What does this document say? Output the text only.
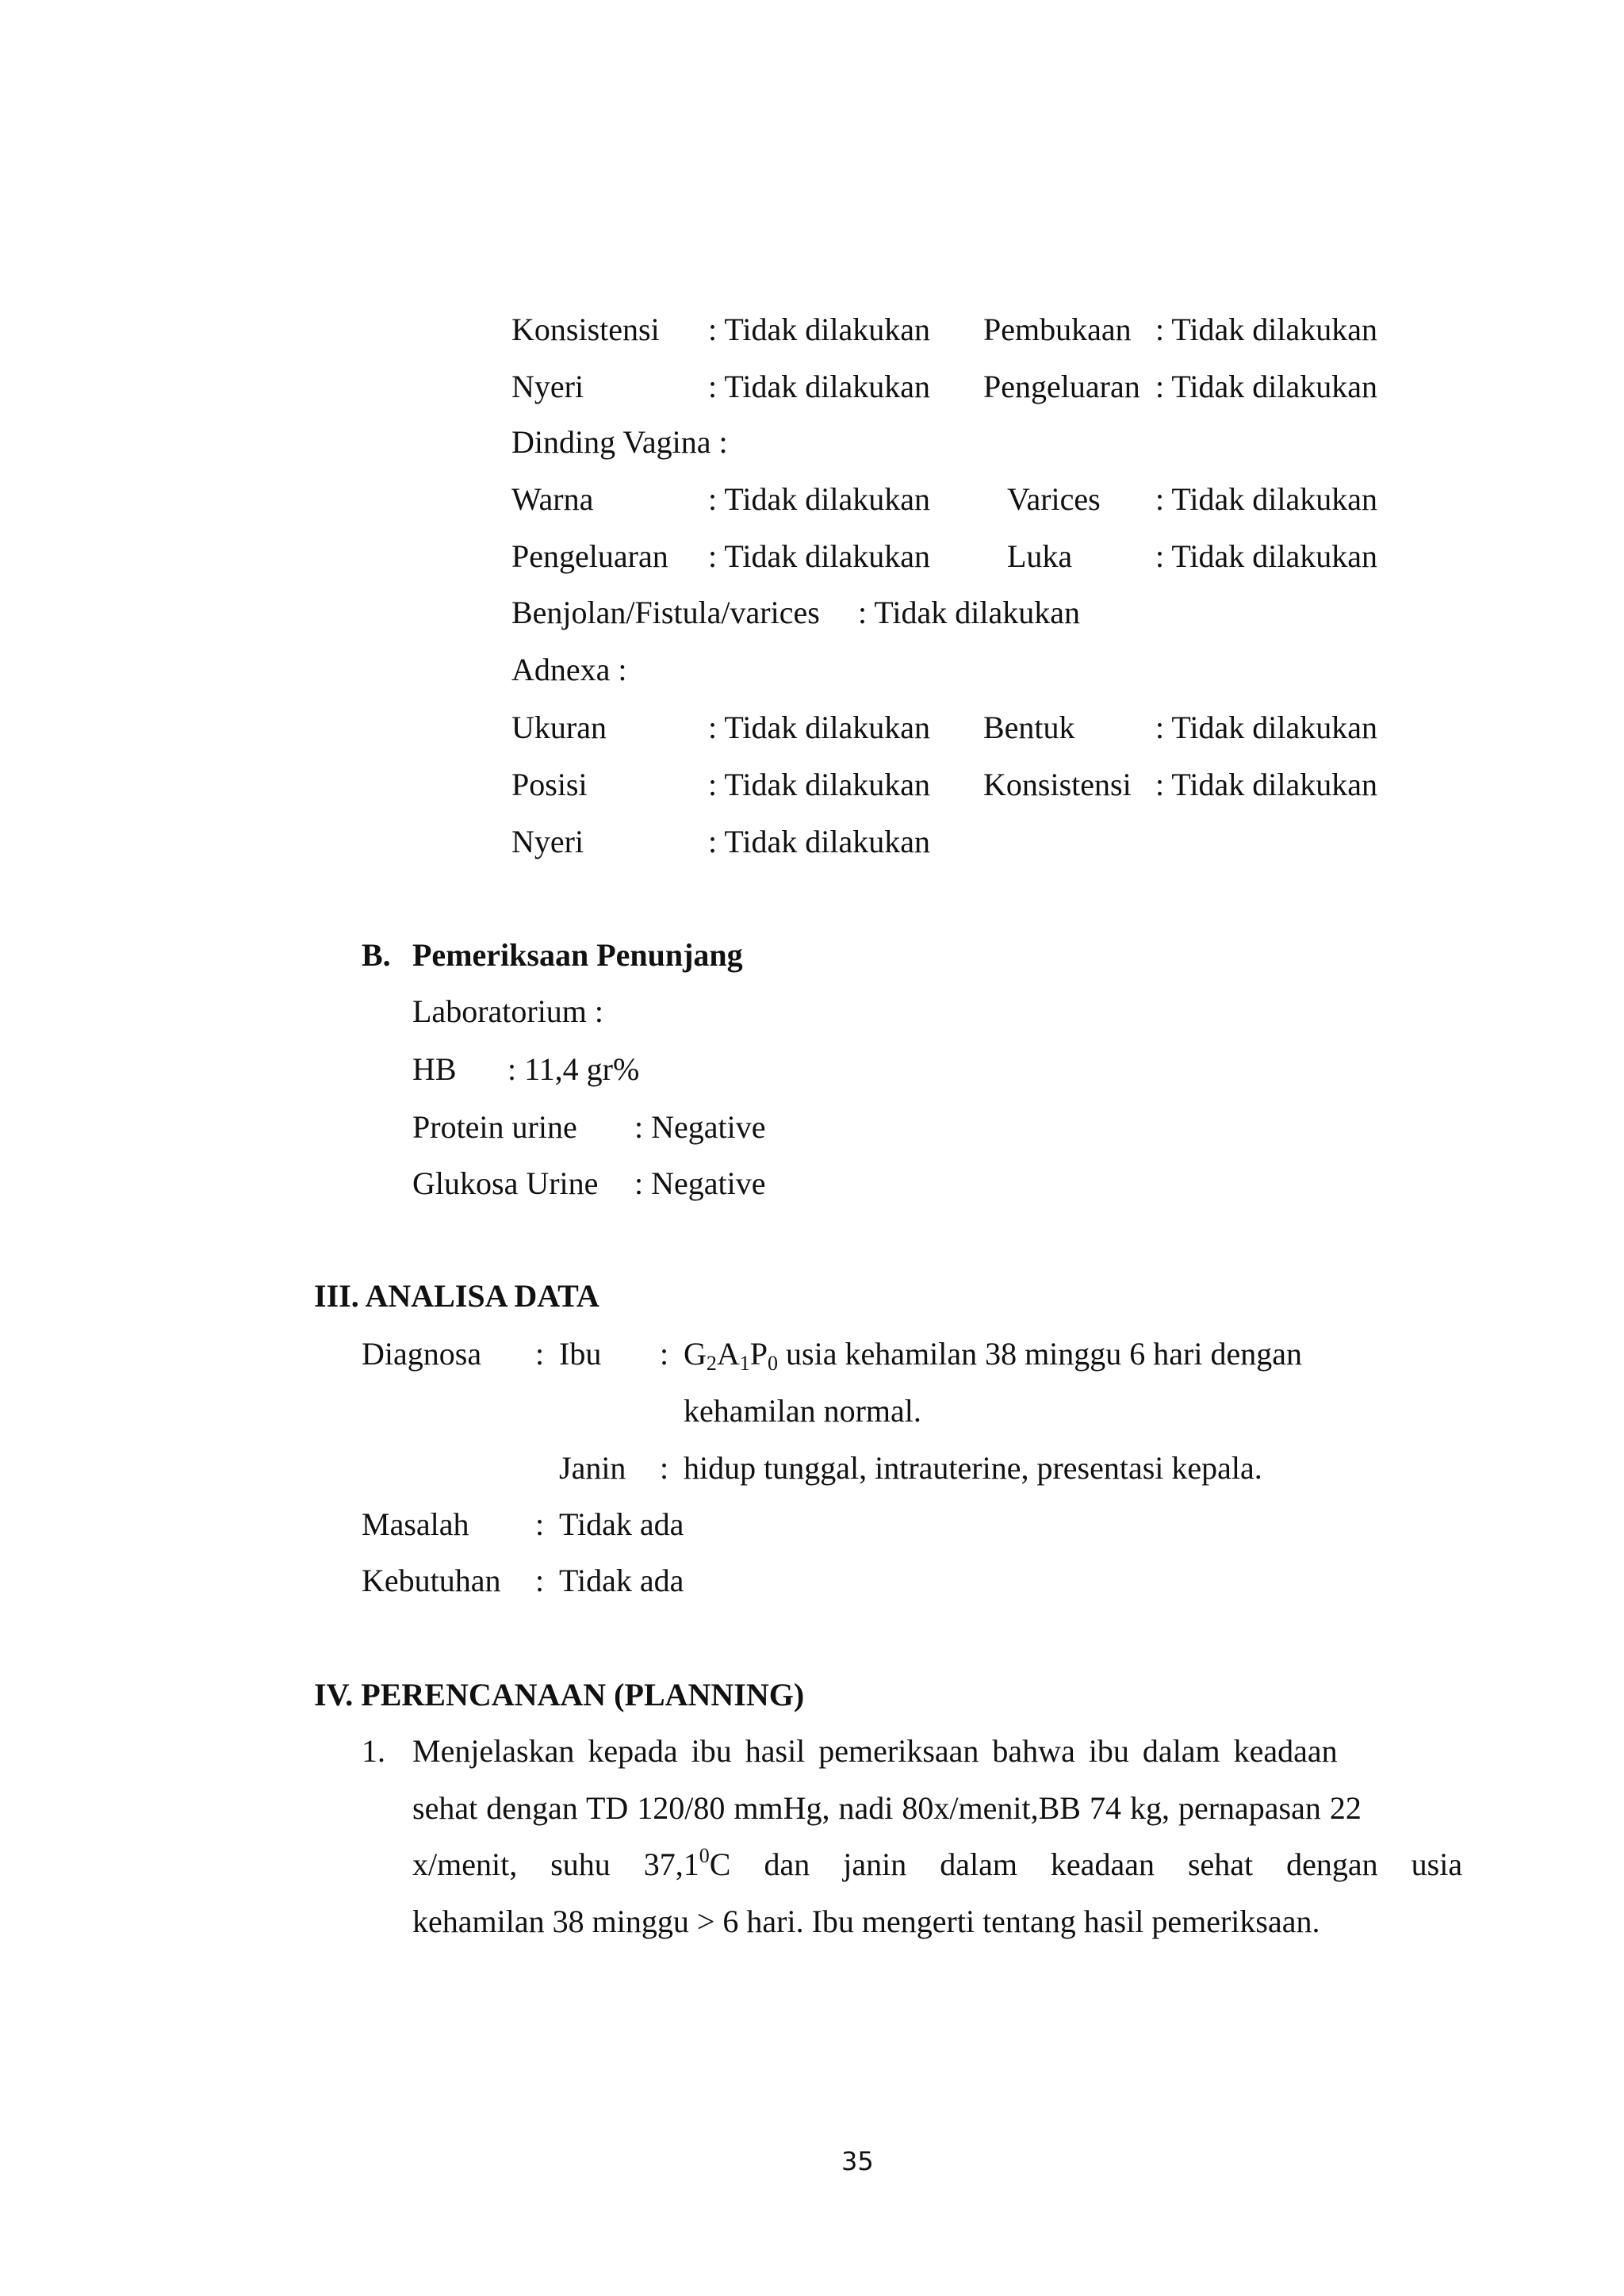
Konsistensi : Tidak dilakukan Pembukaan : Tidak dilakukan
Nyeri	: Tidak dilakukan Pengeluaran : Tidak dilakukan
Dinding Vagina :
Warna	: Tidak dilakukan Varices : Tidak dilakukan
Pengeluaran : Tidak dilakukan Luka	: Tidak dilakukan
Benjolan/Fistula/varices : Tidak dilakukan
Adnexa :
Ukuran	: Tidak dilakukan Bentuk	: Tidak dilakukan
Posisi	: Tidak dilakukan Konsistensi : Tidak dilakukan
Nyeri	: Tidak dilakukan
B. Pemeriksaan Penunjang
Laboratorium :
HB : 11,4 gr%
Protein urine : Negative
Glukosa Urine : Negative
III. ANALISA DATA
Diagnosa : Ibu : $G_2A_1P_0$ usia kehamilan 38 minggu 6 hari dengan
kehamilan normal.
Janin : hidup tunggal, intrauterine, presentasi kepala.
Masalah : Tidak ada
Kebutuhan : Tidak ada
IV. PERENCANAAN (PLANNING)
1. Menjelaskan kepada ibu hasil pemeriksaan bahwa ibu dalam keadaan
sehat dengan TD 120/80 mmHg, nadi 80x/menit,BB 74 kg, pernapasan 22
x/menit, suhu 37,1$^0$C dan janin dalam keadaan sehat dengan usia
kehamilan 38 minggu > 6 hari. Ibu mengerti tentang hasil pemeriksaan.
35
